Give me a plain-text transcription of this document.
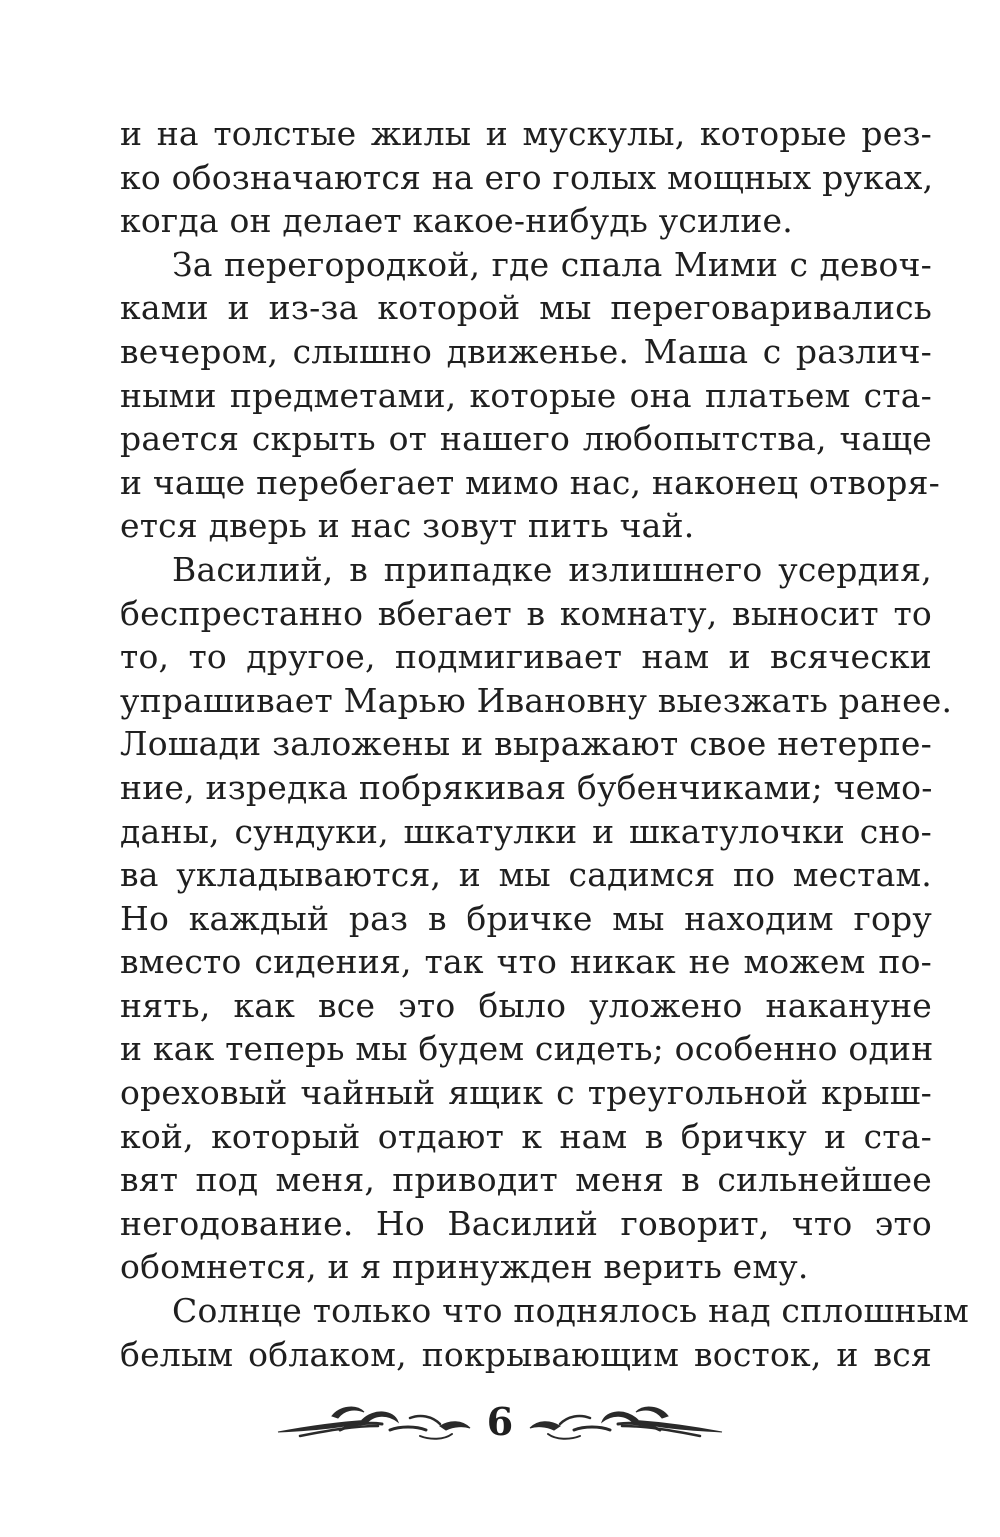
и на толстые жилы и мускулы, которые рез-
ко обозначаются на его голых мощных руках,
когда он делает какое-нибудь усилие.
За перегородкой, где спала Мими с девоч-
ками и из-за которой мы переговаривались
вечером, слышно движенье. Маша с различ-
ными предметами, которые она платьем ста-
рается скрыть от нашего любопытства, чаще
и чаще перебегает мимо нас, наконец отворя-
ется дверь и нас зовут пить чай.
Василий, в припадке излишнего усердия,
беспрестанно вбегает в комнату, выносит то
то, то другое, подмигивает нам и всячески
упрашивает Марью Ивановну выезжать ранее.
Лошади заложены и выражают свое нетерпе-
ние, изредка побрякивая бубенчиками; чемо-
даны, сундуки, шкатулки и шкатулочки сно-
ва укладываются, и мы садимся по местам.
Но каждый раз в бричке мы находим гору
вместо сидения, так что никак не можем по-
нять, как все это было уложено накануне
и как теперь мы будем сидеть; особенно один
ореховый чайный ящик с треугольной крыш-
кой, который отдают к нам в бричку и ста-
вят под меня, приводит меня в сильнейшее
негодование. Но Василий говорит, что это
обомнется, и я принужден верить ему.
Солнце только что поднялось над сплошным
белым облаком, покрывающим восток, и вся
6
